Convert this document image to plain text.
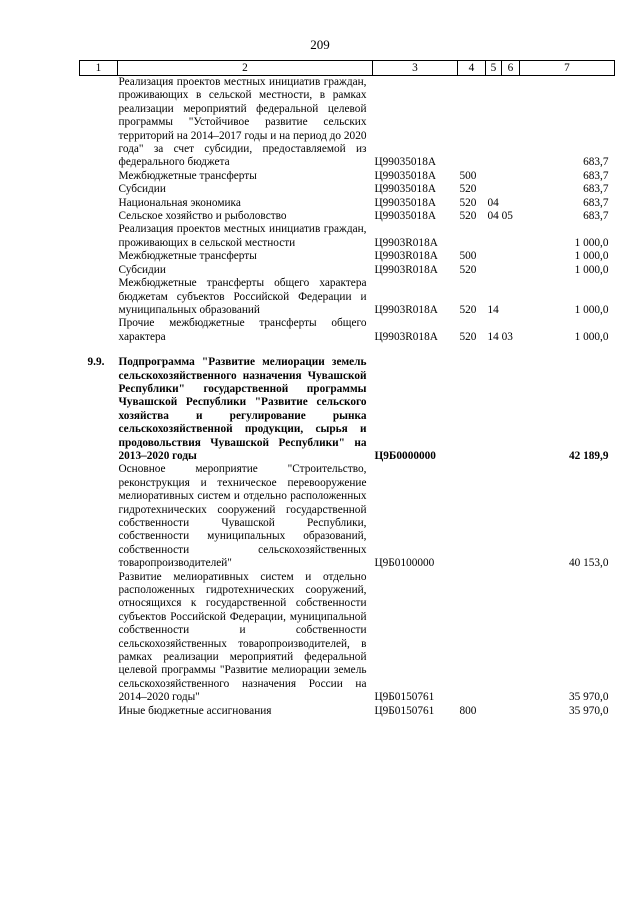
209
1	2	3	4	5	6	7
	Реализация проектов местных инициатив граждан, проживающих в сельской местности, в рамках реализации мероприятий федеральной целевой программы "Устойчивое развитие сельских территорий на 2014–2017 годы и на период до 2020 года" за счет субсидии, предоставляемой из федерального бюджета	Ц99035018А				683,7
	Межбюджетные трансферты	Ц99035018А	500			683,7
	Субсидии	Ц99035018А	520			683,7
	Национальная экономика	Ц99035018А	520	04		683,7
	Сельское хозяйство и рыболовство	Ц99035018А	520	04 05		683,7
	Реализация проектов местных инициатив граждан, проживающих в сельской местности	Ц9903R018А				1 000,0
	Межбюджетные трансферты	Ц9903R018А	500			1 000,0
	Субсидии	Ц9903R018А	520			1 000,0
	Межбюджетные трансферты общего характера бюджетам субъектов Российской Федерации и муниципальных образований	Ц9903R018А	520	14		1 000,0
	Прочие межбюджетные трансферты общего характера	Ц9903R018А	520	14 03		1 000,0

9.9.	Подпрограмма "Развитие мелиорации земель сельскохозяйственного назначения Чувашской Республики" государственной программы Чувашской Республики "Развитие сельского хозяйства и регулирование рынка сельскохозяйственной продукции, сырья и продовольствия Чувашской Республики" на 2013–2020 годы	Ц9Б0000000				42 189,9
	Основное мероприятие "Строительство, реконструкция и техническое перевооружение мелиоративных систем и отдельно расположенных гидротехнических сооружений государственной собственности Чувашской Республики, собственности муниципальных образований, собственности сельскохозяйственных товаропроизводителей"	Ц9Б0100000				40 153,0
	Развитие мелиоративных систем и отдельно расположенных гидротехнических сооружений, относящихся к государственной собственности субъектов Российской Федерации, муниципальной собственности и собственности сельскохозяйственных товаропроизводителей, в рамках реализации мероприятий федеральной целевой программы "Развитие мелиорации земель сельскохозяйственного назначения России на 2014–2020 годы"	Ц9Б0150761				35 970,0
	Иные бюджетные ассигнования	Ц9Б0150761	800			35 970,0
